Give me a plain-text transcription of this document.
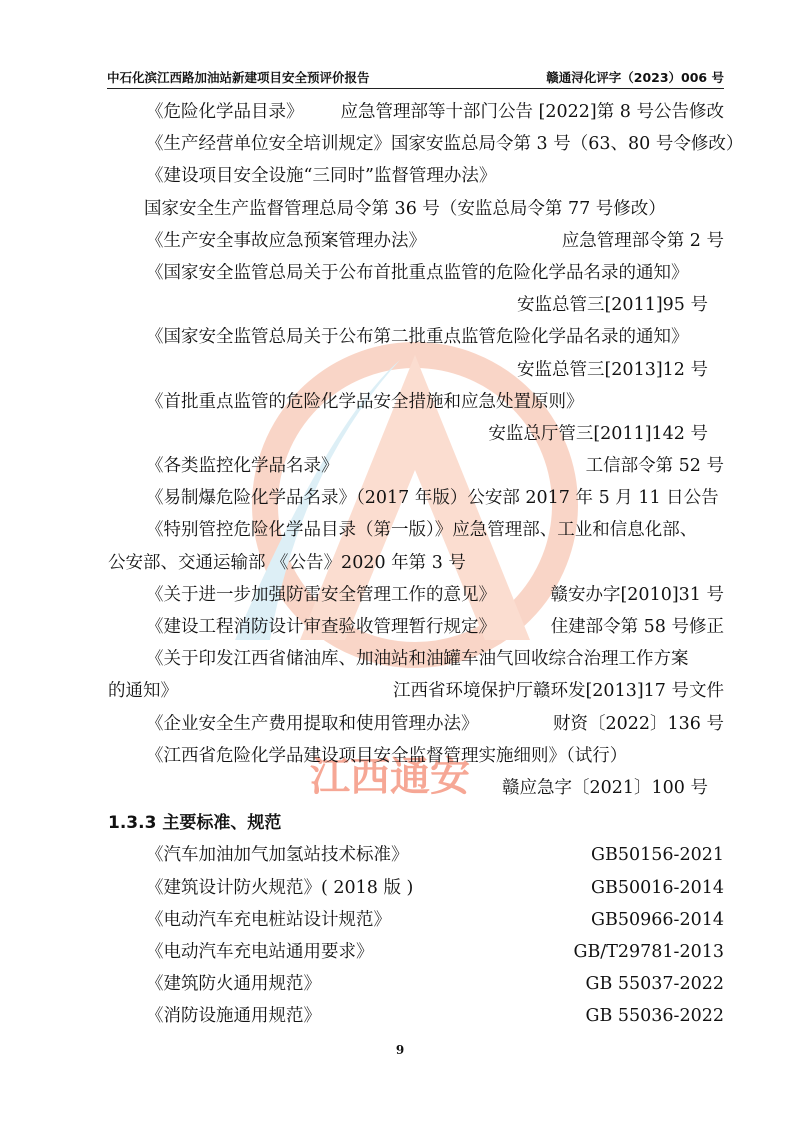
中石化滨江西路加油站新建项目安全预评价报告	赣通浔化评字（2023）006 号
江西通安
《危险化学品目录》 应急管理部等十部门公告 [2022]第 8 号公告修改
《生产经营单位安全培训规定》国家安监总局令第 3 号（63、80 号令修改）
《建设项目安全设施“三同时”监督管理办法》
国家安全生产监督管理总局令第 36 号（安监总局令第 77 号修改）
《生产安全事故应急预案管理办法》	应急管理部令第 2 号
《国家安全监管总局关于公布首批重点监管的危险化学品名录的通知》
安监总管三[2011]95 号
《国家安全监管总局关于公布第二批重点监管危险化学品名录的通知》
安监总管三[2013]12 号
《首批重点监管的危险化学品安全措施和应急处置原则》
安监总厅管三[2011]142 号
《各类监控化学品名录》	工信部令第 52 号
《易制爆危险化学品名录》（2017 年版）公安部 2017 年 5 月 11 日公告
《特别管控危险化学品目录（第一版）》应急管理部、工业和信息化部、
公安部、交通运输部 《公告》2020 年第 3 号
《关于进一步加强防雷安全管理工作的意见》	赣安办字[2010]31 号
《建设工程消防设计审查验收管理暂行规定》	住建部令第 58 号修正
《关于印发江西省储油库、加油站和油罐车油气回收综合治理工作方案
的通知》	江西省环境保护厅赣环发[2013]17 号文件
《企业安全生产费用提取和使用管理办法》	财资〔2022〕136 号
《江西省危险化学品建设项目安全监督管理实施细则》（试行）
赣应急字〔2021〕100 号
1.3.3 主要标准、规范
《汽车加油加气加氢站技术标准》	GB50156-2021
《建筑设计防火规范》( 2018 版 )	GB50016-2014
《电动汽车充电桩站设计规范》	GB50966-2014
《电动汽车充电站通用要求》	GB/T29781-2013
《建筑防火通用规范》	GB 55037-2022
《消防设施通用规范》	GB 55036-2022
9
